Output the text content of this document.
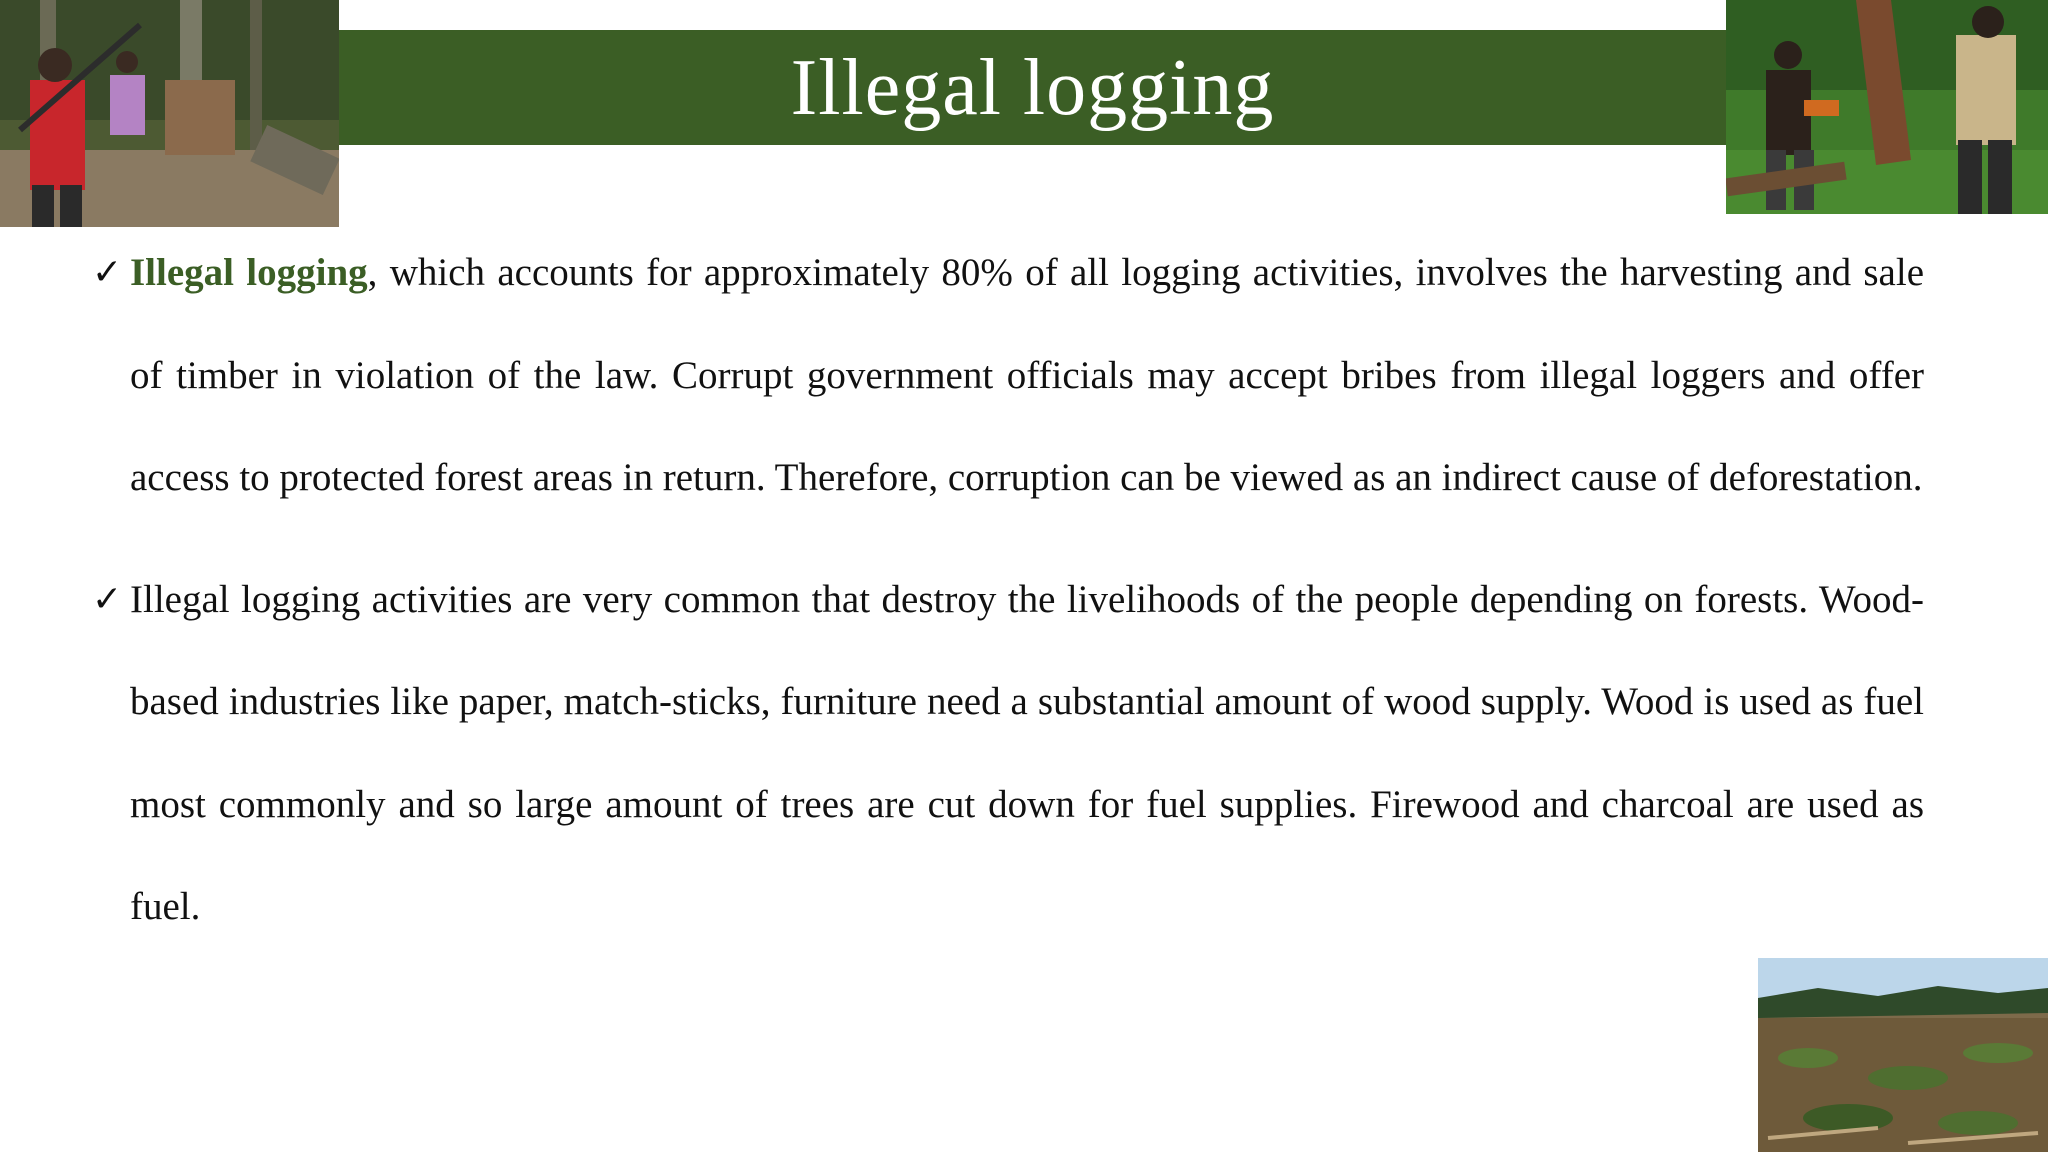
Illegal logging
✓ Illegal logging, which accounts for approximately 80% of all logging activities, involves the harvesting and sale of timber in violation of the law. Corrupt government officials may accept bribes from illegal loggers and offer access to protected forest areas in return. Therefore, corruption can be viewed as an indirect cause of deforestation.
✓ Illegal logging activities are very common that destroy the livelihoods of the people depending on forests. Wood-based industries like paper, match-sticks, furniture need a substantial amount of wood supply. Wood is used as fuel most commonly and so large amount of trees are cut down for fuel supplies. Firewood and charcoal are used as fuel.
